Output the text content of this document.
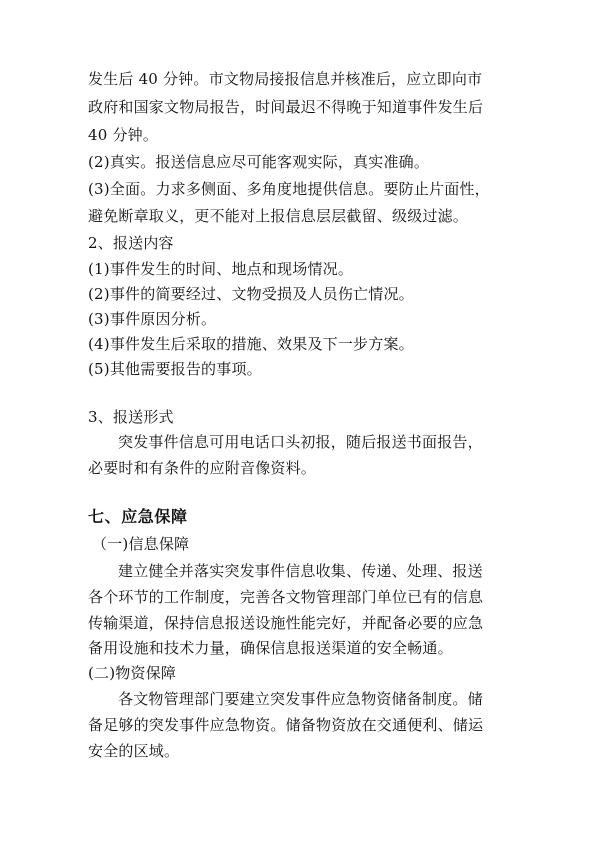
发生后 40 分钟。市文物局接报信息并核准后，应立即向市
政府和国家文物局报告，时间最迟不得晚于知道事件发生后
40 分钟。
(2)真实。报送信息应尽可能客观实际，真实准确。
(3)全面。力求多侧面、多角度地提供信息。要防止片面性，
避免断章取义，更不能对上报信息层层截留、级级过滤。
2、报送内容
(1)事件发生的时间、地点和现场情况。
(2)事件的简要经过、文物受损及人员伤亡情况。
(3)事件原因分析。
(4)事件发生后采取的措施、效果及下一步方案。
(5)其他需要报告的事项。
3、报送形式
突发事件信息可用电话口头初报，随后报送书面报告，
必要时和有条件的应附音像资料。
七、应急保障
（一)信息保障
建立健全并落实突发事件信息收集、传递、处理、报送
各个环节的工作制度，完善各文物管理部门单位已有的信息
传输渠道，保持信息报送设施性能完好，并配备必要的应急
备用设施和技术力量，确保信息报送渠道的安全畅通。
(二)物资保障
各文物管理部门要建立突发事件应急物资储备制度。储
备足够的突发事件应急物资。储备物资放在交通便利、储运
安全的区域。
